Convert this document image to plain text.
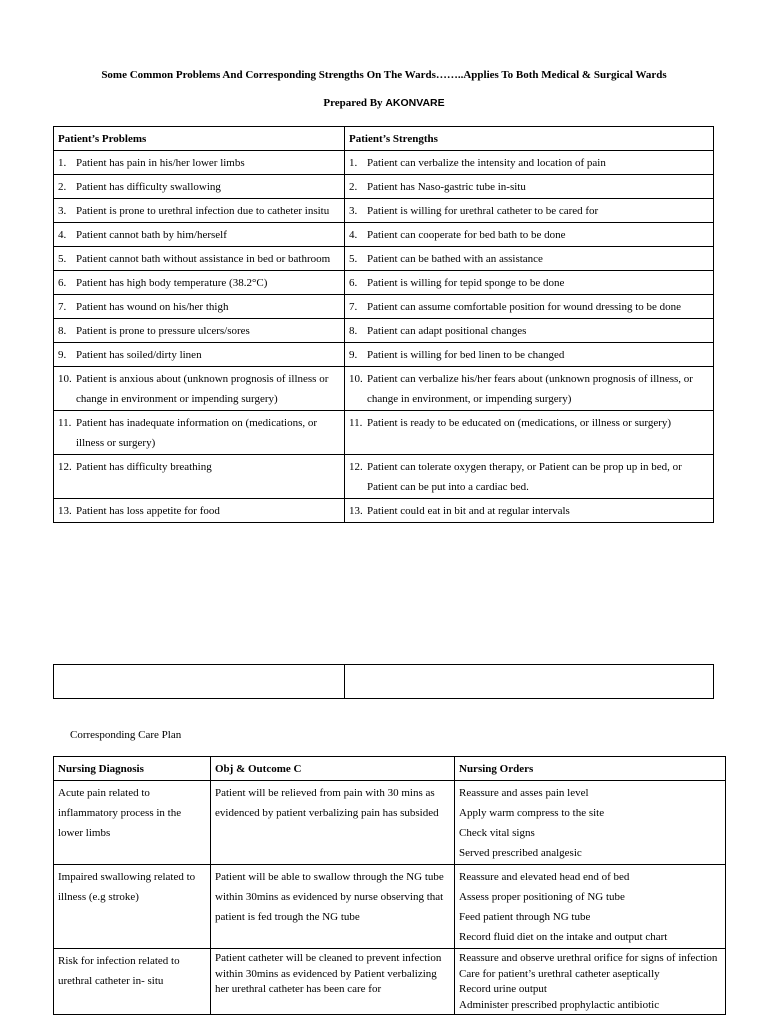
Some Common Problems And Corresponding Strengths On The Wards……..Applies To Both Medical & Surgical Wards
Prepared By AKONVARE
Patient’s Problems	Patient’s Strengths

1. Patient has pain in his/her lower limbs	1. Patient can verbalize the intensity and location of pain

2. Patient has difficulty swallowing	2. Patient has Naso-gastric tube in-situ

3. Patient is prone to urethral infection due to catheter insitu	3. Patient is willing for urethral catheter to be cared for

4. Patient cannot bath by him/herself	4. Patient can cooperate for bed bath to be done

5. Patient cannot bath without assistance in bed or bathroom	5. Patient can be bathed with an assistance

6. Patient has high body temperature (38.2°C)	6. Patient is willing for tepid sponge to be done

7. Patient has wound on his/her thigh	7. Patient can assume comfortable position for wound dressing to be done

8. Patient is prone to pressure ulcers/sores	8. Patient can adapt positional changes

9. Patient has soiled/dirty linen	9. Patient is willing for bed linen to be changed

10. Patient is anxious about (unknown prognosis of illness or change in environment or impending surgery)	10. Patient can verbalize his/her fears about (unknown prognosis of illness, or change in environment, or impending surgery)

11. Patient has inadequate information on (medications, or illness or surgery)	11. Patient is ready to be educated on (medications, or illness or surgery)

12. Patient has difficulty breathing	12. Patient can tolerate oxygen therapy, or Patient can be prop up in bed, or Patient can be put into a cardiac bed.

13. Patient has loss appetite for food	13. Patient could eat in bit and at regular intervals

Corresponding Care Plan
Nursing Diagnosis	Obj & Outcome C	Nursing Orders

Acute pain related to inflammatory process in the lower limbs	Patient will be relieved from pain with 30 mins as evidenced by patient verbalizing pain has subsided	Reassure and asses pain level
Apply warm compress to the site
Check vital signs
Served prescribed analgesic

Impaired swallowing related to illness (e.g stroke)	Patient will be able to swallow through the NG tube within 30mins as evidenced by nurse observing that patient is fed trough the NG tube	Reassure and elevated head end of bed
Assess proper positioning of NG tube
Feed patient through NG tube
Record fluid diet on the intake and output chart

Risk for infection related to urethral catheter in- situ	Patient catheter will be cleaned to prevent infection within 30mins as evidenced by Patient verbalizing her urethral catheter has been care for	Reassure and observe urethral orifice for signs of infection
Care for patient’s urethral catheter aseptically
Record urine output
Administer prescribed prophylactic antibiotic
